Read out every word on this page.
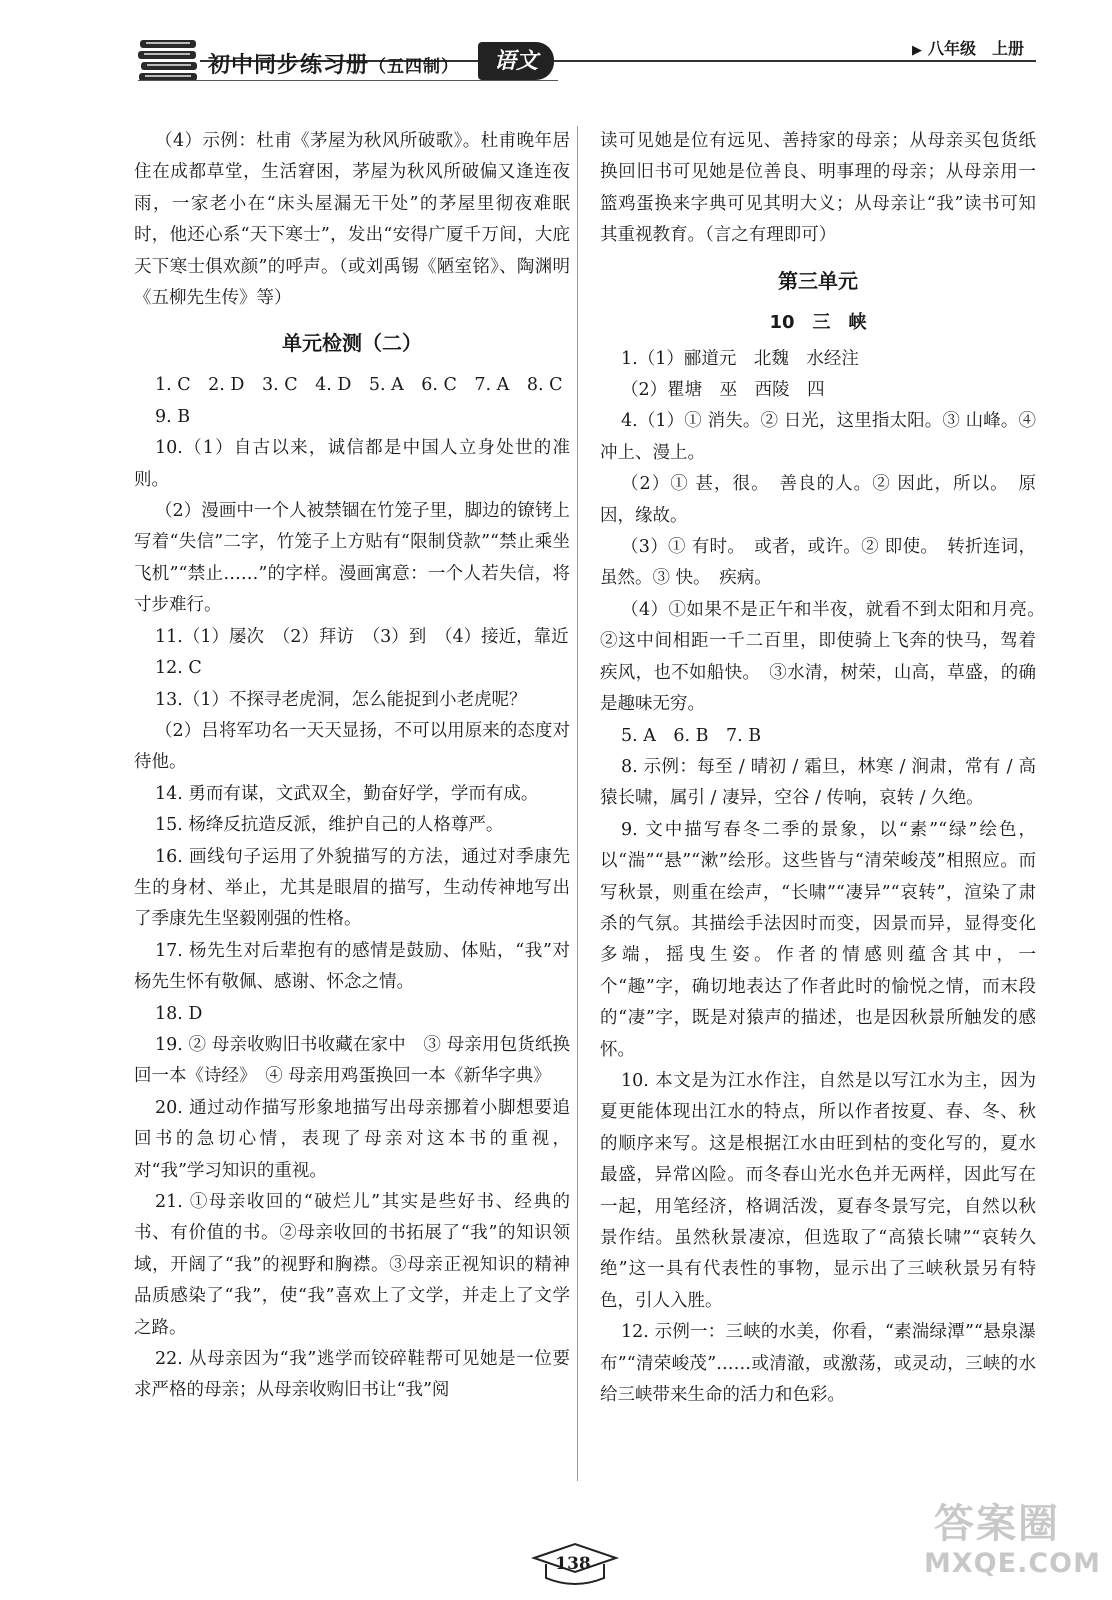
初中同步练习册（五四制）	语文	▶ 八年级　上册

（4）示例：杜甫《茅屋为秋风所破歌》。杜甫晚年居住在成都草堂，生活窘困，茅屋为秋风所破偏又逢连夜雨，一家老小在“床头屋漏无干处”的茅屋里彻夜难眠时，他还心系“天下寒士”，发出“安得广厦千万间，大庇天下寒士俱欢颜”的呼声。（或刘禹锡《陋室铭》、陶渊明《五柳先生传》等）

单元检测（二）

1. C　2. D　3. C　4. D　5. A　6. C　7. A　8. C

9. B

10.（1）自古以来，诚信都是中国人立身处世的准则。

（2）漫画中一个人被禁锢在竹笼子里，脚边的镣铐上写着“失信”二字，竹笼子上方贴有“限制贷款”“禁止乘坐飞机”“禁止……”的字样。漫画寓意：一个人若失信，将寸步难行。

11.（1）屡次　（2）拜访　（3）到　（4）接近，靠近

12. C

13.（1）不探寻老虎洞，怎么能捉到小老虎呢？

（2）吕将军功名一天天显扬，不可以用原来的态度对待他。

14. 勇而有谋，文武双全，勤奋好学，学而有成。

15. 杨绛反抗造反派，维护自己的人格尊严。

16. 画线句子运用了外貌描写的方法，通过对季康先生的身材、举止，尤其是眼眉的描写，生动传神地写出了季康先生坚毅刚强的性格。

17. 杨先生对后辈抱有的感情是鼓励、体贴，“我”对杨先生怀有敬佩、感谢、怀念之情。

18. D

19. ② 母亲收购旧书收藏在家中　③ 母亲用包货纸换回一本《诗经》　④ 母亲用鸡蛋换回一本《新华字典》

20. 通过动作描写形象地描写出母亲挪着小脚想要追回书的急切心情，表现了母亲对这本书的重视，对“我”学习知识的重视。

21. ①母亲收回的“破烂儿”其实是些好书、经典的书、有价值的书。②母亲收回的书拓展了“我”的知识领域，开阔了“我”的视野和胸襟。③母亲正视知识的精神品质感染了“我”，使“我”喜欢上了文学，并走上了文学之路。

22. 从母亲因为“我”逃学而铰碎鞋帮可见她是一位要求严格的母亲；从母亲收购旧书让“我”阅

读可见她是位有远见、善持家的母亲；从母亲买包货纸换回旧书可见她是位善良、明事理的母亲；从母亲用一篮鸡蛋换来字典可见其明大义；从母亲让“我”读书可知其重视教育。（言之有理即可）

第三单元
10　三　峡

1.（1）郦道元　北魏　水经注

（2）瞿塘　巫　西陵　四

4.（1）① 消失。② 日光，这里指太阳。③ 山峰。④ 冲上、漫上。

（2）① 甚，很。　善良的人。② 因此，所以。　原因，缘故。

（3）① 有时。　或者，或许。② 即使。　转折连词，虽然。③ 快。　疾病。

（4）①如果不是正午和半夜，就看不到太阳和月亮。　②这中间相距一千二百里，即使骑上飞奔的快马，驾着疾风，也不如船快。　③水清，树荣，山高，草盛，的确是趣味无穷。

5. A　6. B　7. B

8. 示例：每至 / 晴初 / 霜旦，林寒 / 涧肃，常有 / 高猿长啸，属引 / 凄异，空谷 / 传响，哀转 / 久绝。

9. 文中描写春冬二季的景象，以“素”“绿”绘色，以“湍”“悬”“漱”绘形。这些皆与“清荣峻茂”相照应。而写秋景，则重在绘声，“长啸”“凄异”“哀转”，渲染了肃杀的气氛。其描绘手法因时而变，因景而异，显得变化多端，摇曳生姿。作者的情感则蕴含其中，一个“趣”字，确切地表达了作者此时的愉悦之情，而末段的“凄”字，既是对猿声的描述，也是因秋景所触发的感怀。

10. 本文是为江水作注，自然是以写江水为主，因为夏更能体现出江水的特点，所以作者按夏、春、冬、秋的顺序来写。这是根据江水由旺到枯的变化写的，夏水最盛，异常凶险。而冬春山光水色并无两样，因此写在一起，用笔经济，格调活泼，夏春冬景写完，自然以秋景作结。虽然秋景凄凉，但选取了“高猿长啸”“哀转久绝”这一具有代表性的事物，显示出了三峡秋景另有特色，引人入胜。

12. 示例一：三峡的水美，你看，“素湍绿潭”“悬泉瀑布”“清荣峻茂”……或清澈，或激荡，或灵动，三峡的水给三峡带来生命的活力和色彩。

138
答案圈
MXQE.COM
